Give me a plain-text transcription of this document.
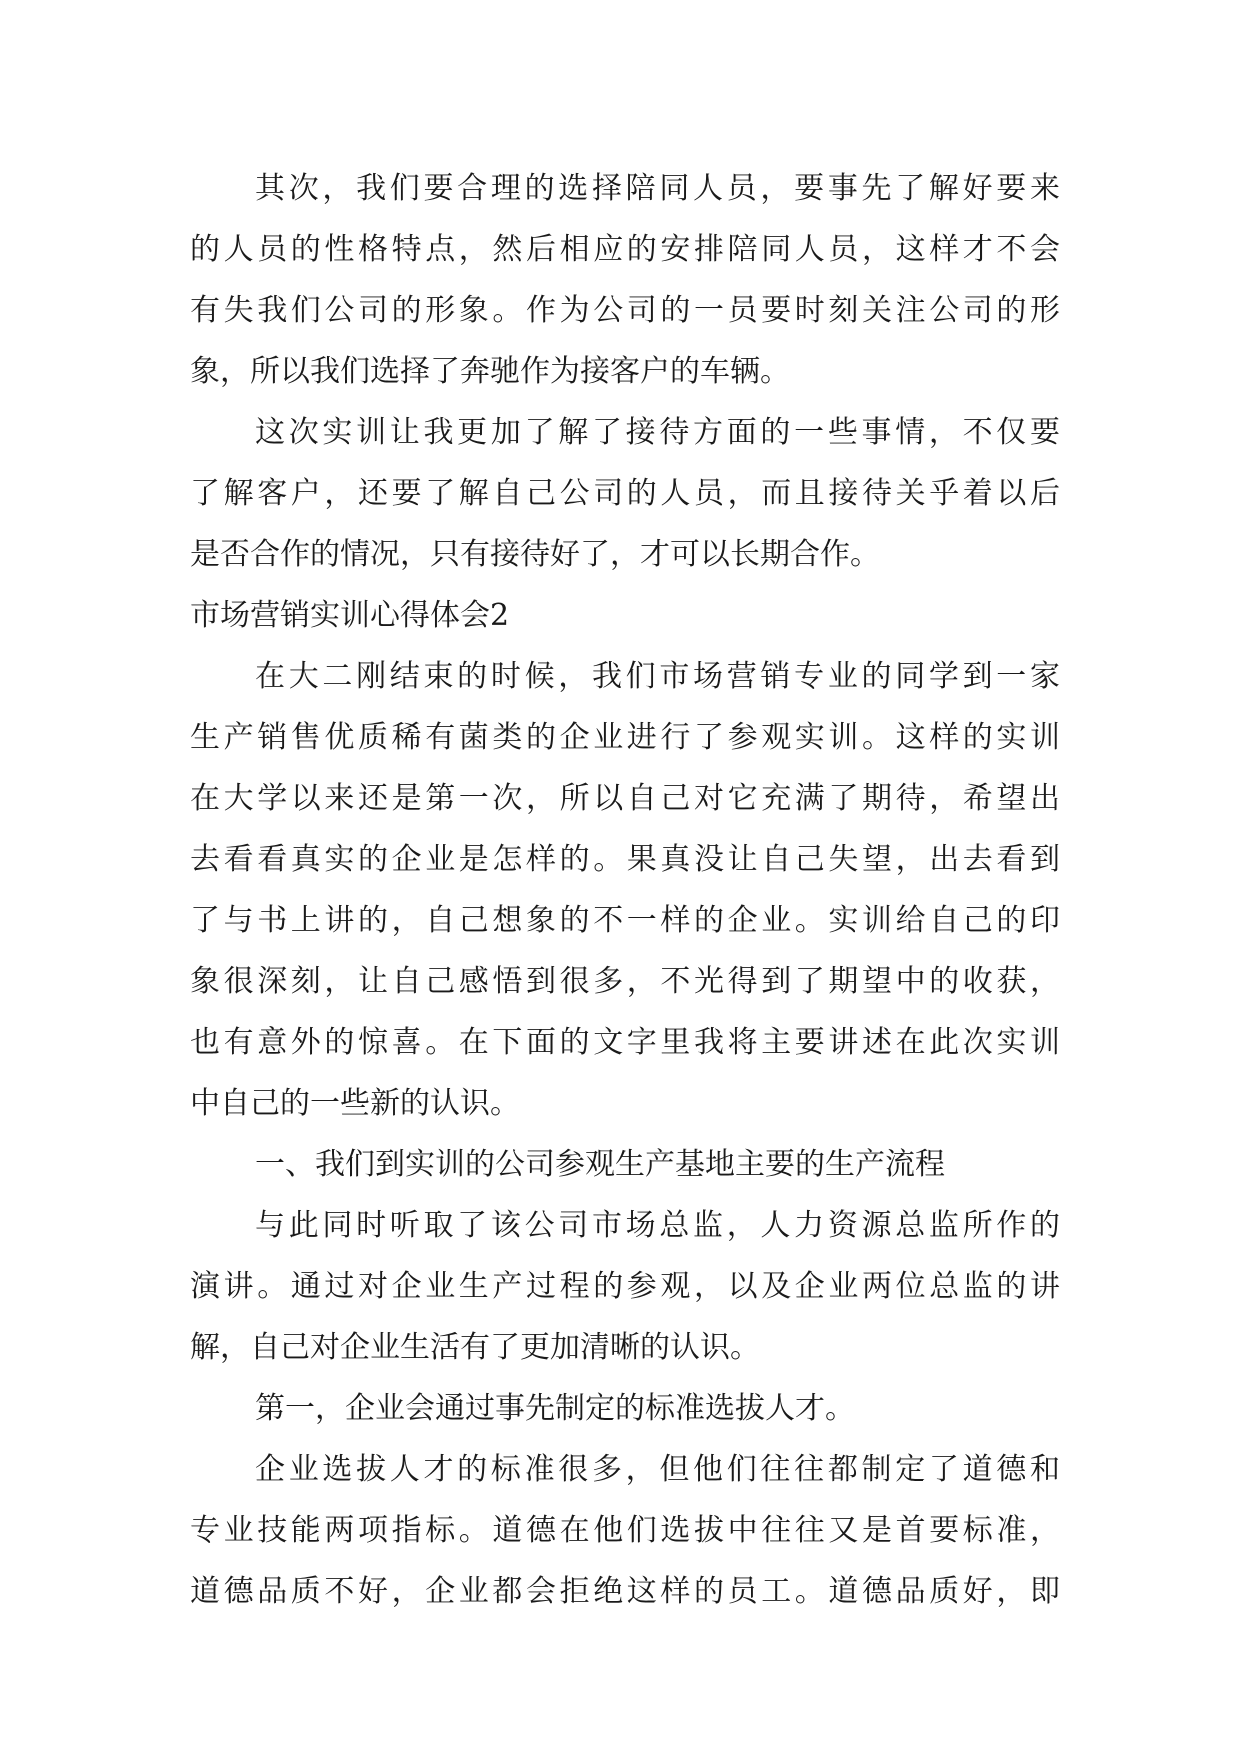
其次，我们要合理的选择陪同人员，要事先了解好要来
的人员的性格特点，然后相应的安排陪同人员，这样才不会
有失我们公司的形象。作为公司的一员要时刻关注公司的形
象，所以我们选择了奔驰作为接客户的车辆。
这次实训让我更加了解了接待方面的一些事情，不仅要
了解客户，还要了解自己公司的人员，而且接待关乎着以后
是否合作的情况，只有接待好了，才可以长期合作。
市场营销实训心得体会2
在大二刚结束的时候，我们市场营销专业的同学到一家
生产销售优质稀有菌类的企业进行了参观实训。这样的实训
在大学以来还是第一次，所以自己对它充满了期待，希望出
去看看真实的企业是怎样的。果真没让自己失望，出去看到
了与书上讲的，自己想象的不一样的企业。实训给自己的印
象很深刻，让自己感悟到很多，不光得到了期望中的收获，
也有意外的惊喜。在下面的文字里我将主要讲述在此次实训
中自己的一些新的认识。
一、我们到实训的公司参观生产基地主要的生产流程
与此同时听取了该公司市场总监，人力资源总监所作的
演讲。通过对企业生产过程的参观，以及企业两位总监的讲
解，自己对企业生活有了更加清晰的认识。
第一，企业会通过事先制定的标准选拔人才。
企业选拔人才的标准很多，但他们往往都制定了道德和
专业技能两项指标。道德在他们选拔中往往又是首要标准，
道德品质不好，企业都会拒绝这样的员工。道德品质好，即
